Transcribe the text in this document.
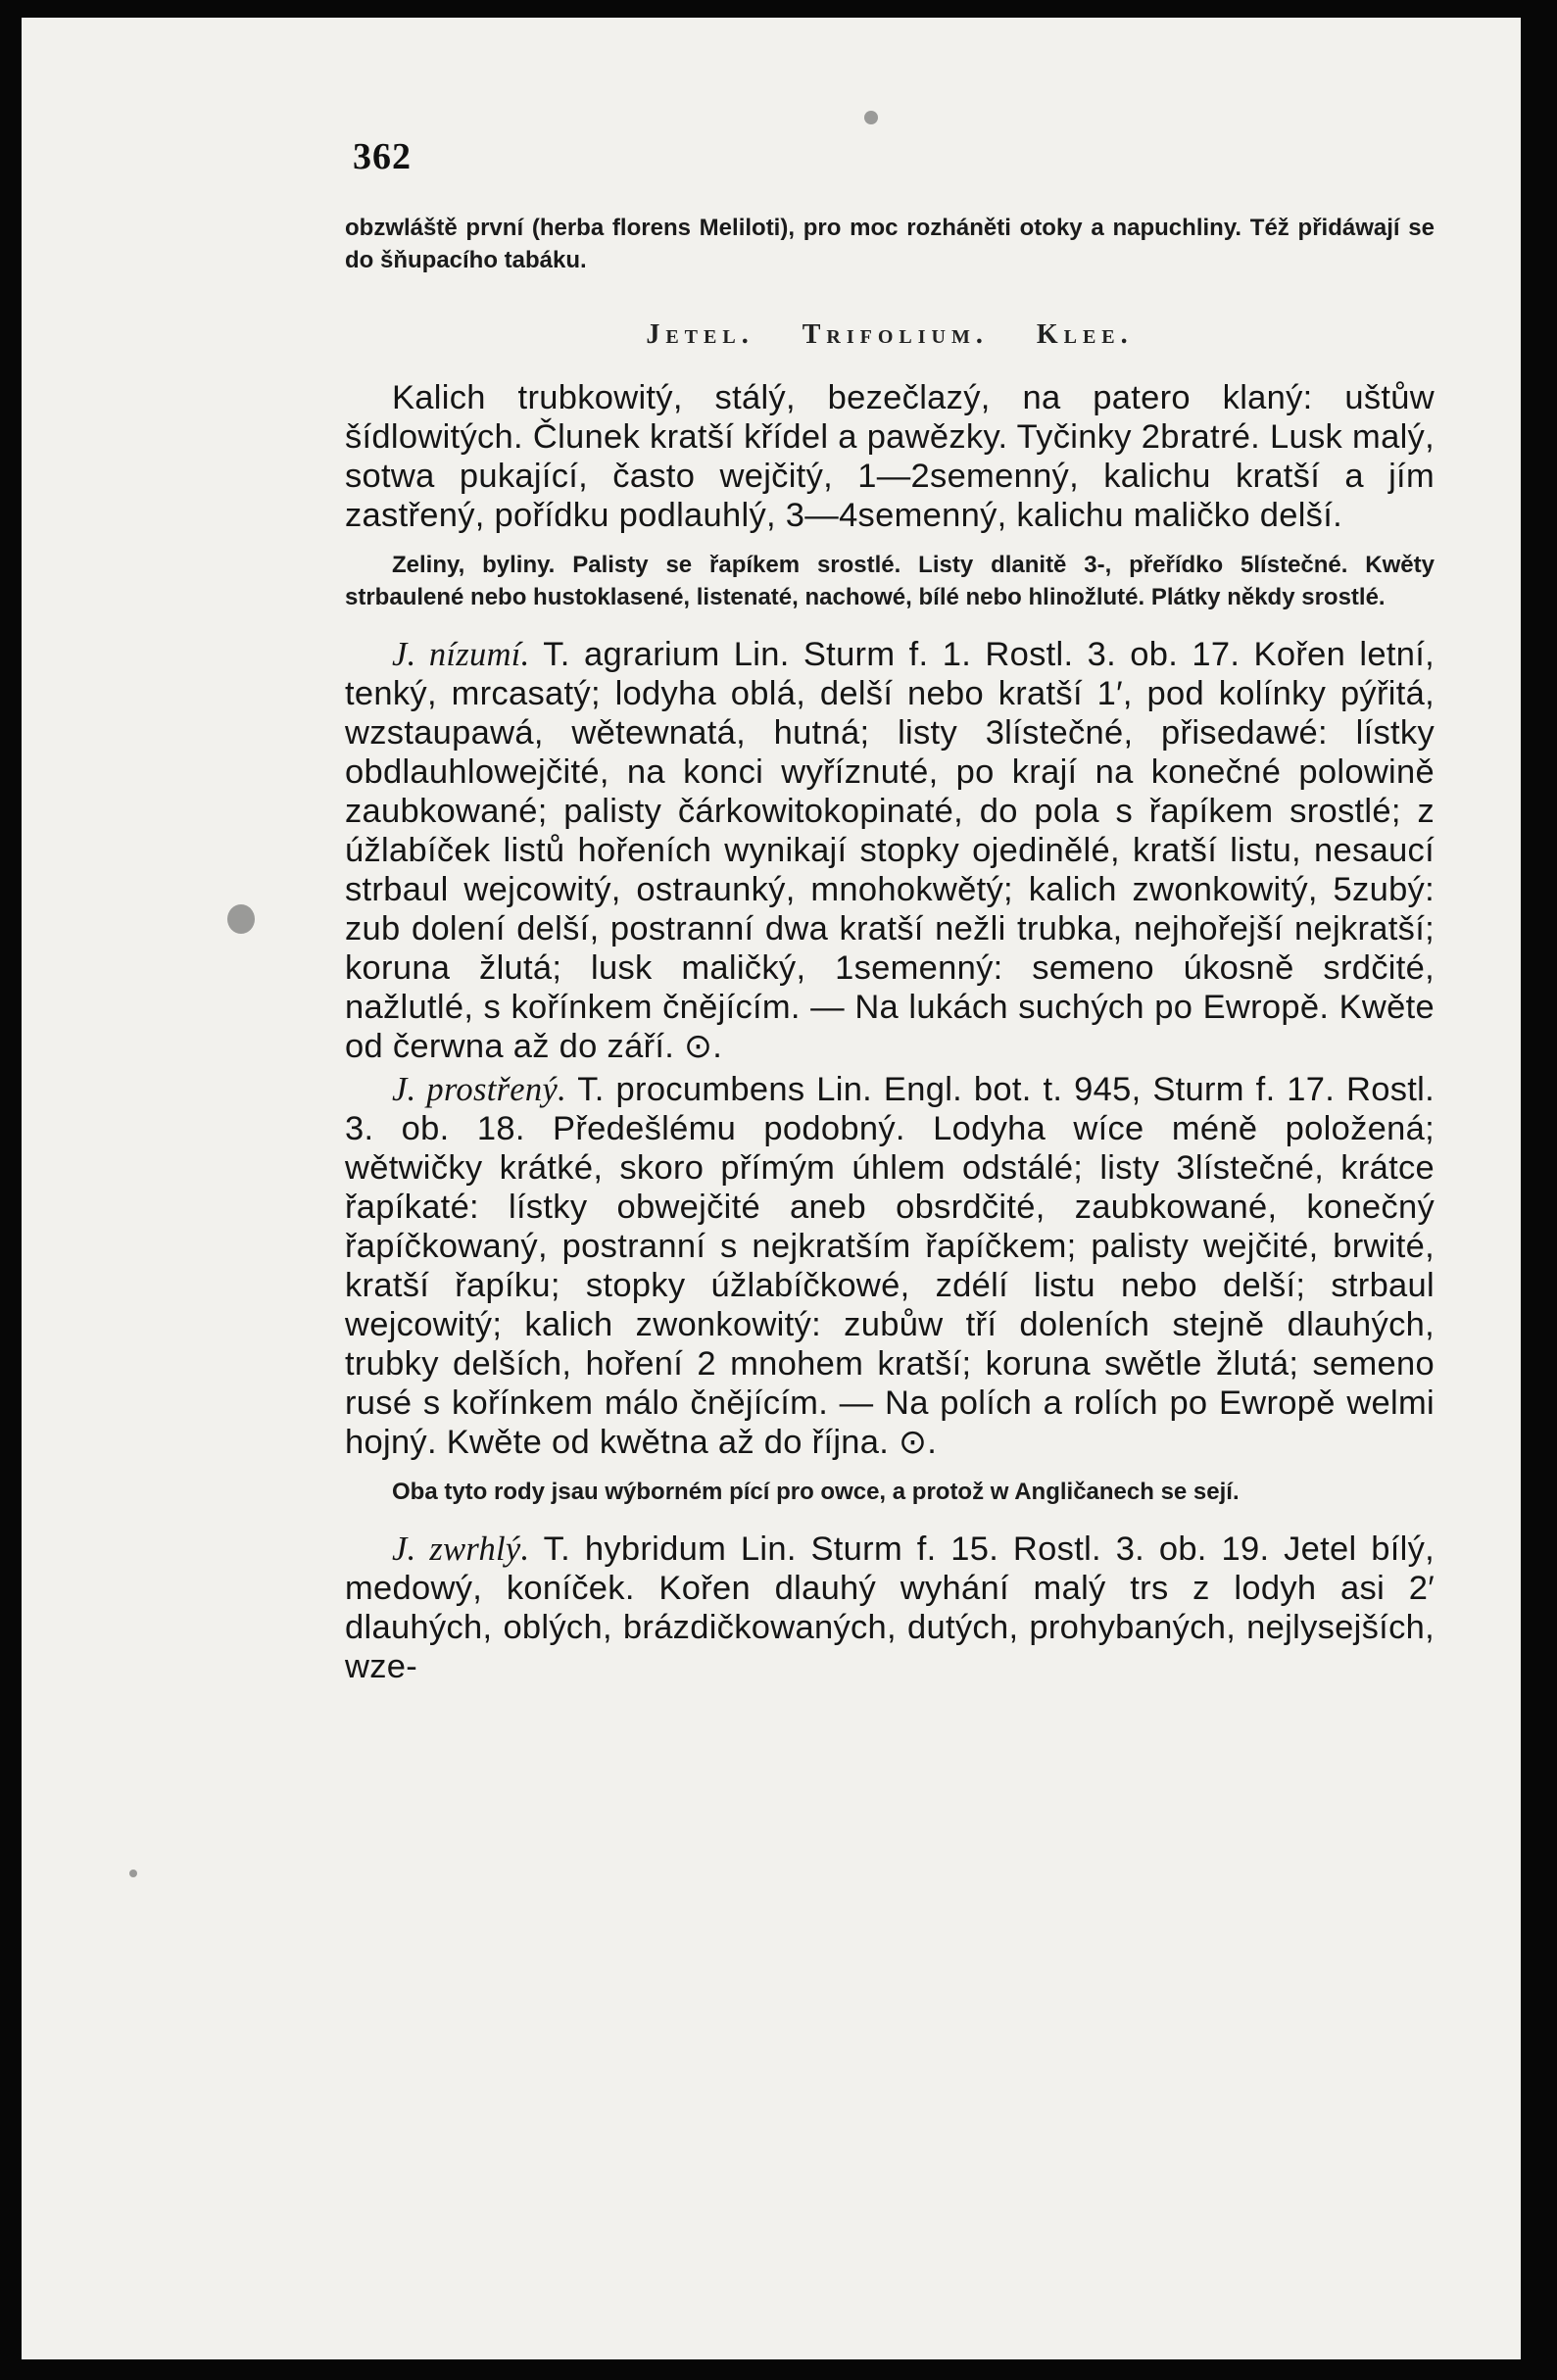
362

obzwláště první (herba florens Meliloti), pro moc rozháněti otoky a napuchliny. Též přidáwají se do šňupacího tabáku.

Jetel. Trifolium. Klee.

Kalich trubkowitý, stálý, bezečlazý, na patero klaný: uštůw šídlowitých. Člunek kratší křídel a pawězky. Tyčinky 2bratré. Lusk malý, sotwa pukající, často wejčitý, 1—2semenný, kalichu kratší a jím zastřený, pořídku podlauhlý, 3—4semenný, kalichu maličko delší.

Zeliny, byliny. Palisty se řapíkem srostlé. Listy dlanitě 3-, přeřídko 5lístečné. Kwěty strbaulené nebo hustoklasené, listenaté, nachowé, bílé nebo hlinožluté. Plátky někdy srostlé.

J. nízumí. T. agrarium Lin. Sturm f. 1. Rostl. 3. ob. 17. Kořen letní, tenký, mrcasatý; lodyha oblá, delší nebo kratší 1′, pod kolínky pýřitá, wzstaupawá, wětewnatá, hutná; listy 3lístečné, přisedawé: lístky obdlauhlowejčité, na konci wyříznuté, po krají na konečné polowině zaubkowané; palisty čárkowitokopinaté, do pola s řapíkem srostlé; z úžlabíček listů hořeních wynikají stopky ojedinělé, kratší listu, nesaucí strbaul wejcowitý, ostraunký, mnohokwětý; kalich zwonkowitý, 5zubý: zub dolení delší, postranní dwa kratší nežli trubka, nejhořejší nejkratší; koruna žlutá; lusk maličký, 1semenný: semeno úkosně srdčité, nažlutlé, s kořínkem čnějícím. — Na lukách suchých po Ewropě. Kwěte od čerwna až do září. ⊙.

J. prostřený. T. procumbens Lin. Engl. bot. t. 945, Sturm f. 17. Rostl. 3. ob. 18. Předešlému podobný. Lodyha wíce méně položená; wětwičky krátké, skoro přímým úhlem odstálé; listy 3lístečné, krátce řapíkaté: lístky obwejčité aneb obsrdčité, zaubkowané, konečný řapíčkowaný, postranní s nejkratším řapíčkem; palisty wejčité, brwité, kratší řapíku; stopky úžlabíčkowé, zdélí listu nebo delší; strbaul wejcowitý; kalich zwonkowitý: zubůw tří doleních stejně dlauhých, trubky delších, hoření 2 mnohem kratší; koruna swětle žlutá; semeno rusé s kořínkem málo čnějícím. — Na polích a rolích po Ewropě welmi hojný. Kwěte od kwětna až do října. ⊙.

Oba tyto rody jsau wýborném pící pro owce, a protož w Angličanech se sejí.

J. zwrhlý. T. hybridum Lin. Sturm f. 15. Rostl. 3. ob. 19. Jetel bílý, medowý, koníček. Kořen dlauhý wyhání malý trs z lodyh asi 2′ dlauhých, oblých, brázdičkowaných, dutých, prohybaných, nejlysejších, wze-
